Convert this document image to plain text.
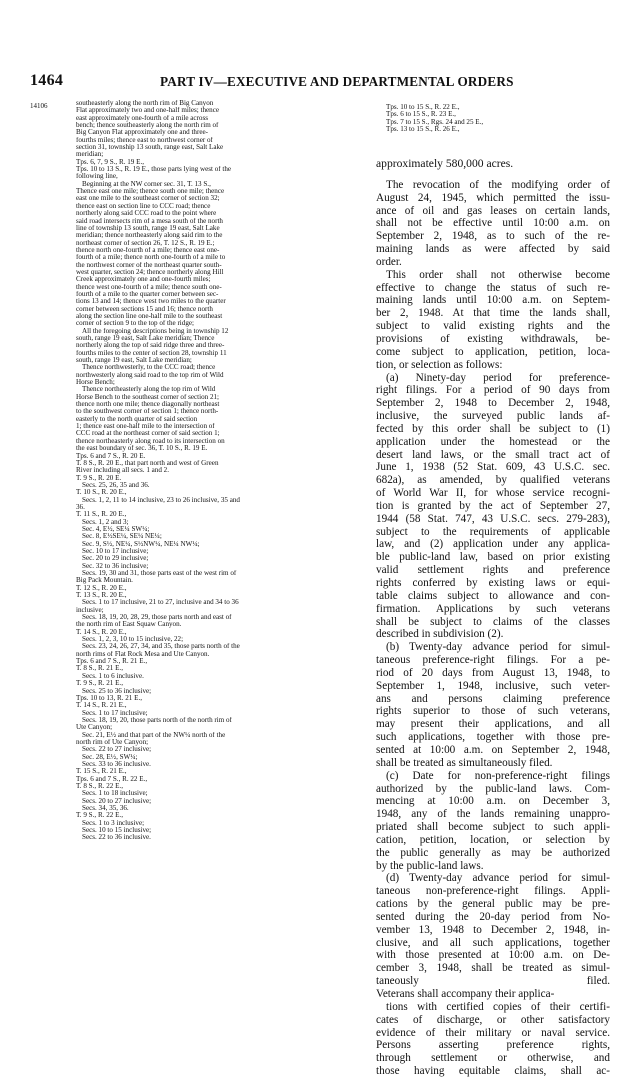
1464	PART IV—EXECUTIVE AND DEPARTMENTAL ORDERS
14106	southeasterly along the north rim of Big Canyon
Flat approximately two and one-half miles; thence
east approximately one-fourth of a mile across
bench; thence southeasterly along the north rim of
Big Canyon Flat approximately one and three-
fourths miles; thence east to northwest corner of
section 31, township 13 south, range east, Salt Lake
meridian;
Tps. 6, 7, 9 S., R. 19 E.,
Tps. 10 to 13 S., R. 19 E., those parts lying west of the
following line,
Beginning at the NW corner sec. 31, T. 13 S.,
Thence east one mile; thence south one mile; thence
east one mile to the southeast corner of section 32;
thence east on section line to CCC road; thence
northerly along said CCC road to the point where
said road intersects rim of a mesa south of the north
line of township 13 south, range 19 east, Salt Lake
meridian; thence northeasterly along said rim to the
northeast corner of section 26, T. 12 S., R. 19 E.;
thence north one-fourth of a mile; thence east one-
fourth of a mile; thence north one-fourth of a mile to
the northwest corner of the northeast quarter south-
west quarter, section 24; thence northerly along Hill
Creek approximately one and one-fourth miles;
thence west one-fourth of a mile; thence south one-
fourth of a mile to the quarter corner between sec-
tions 13 and 14; thence west two miles to the quarter
corner between sections 15 and 16; thence north
along the section line one-half mile to the southeast
corner of section 9 to the top of the ridge;
All the foregoing descriptions being in township 12
south, range 19 east, Salt Lake meridian; Thence
northerly along the top of said ridge three and three-
fourths miles to the center of section 28, township 11
south, range 19 east, Salt Lake meridian;
Thence northwesterly, to the CCC road; thence
northwesterly along said road to the top rim of Wild
Horse Bench;
Thence northeasterly along the top rim of Wild
Horse Bench to the southeast corner of section 21;
thence north one mile; thence diagonally northeast
to the southwest corner of section 1; thence north-
easterly to the north quarter of said section
1; thence east one-half mile to the intersection of
CCC road at the northeast corner of said section 1;
thence northeasterly along road to its intersection on
the east boundary of sec. 36, T. 10 S., R. 19 E.
Tps. 6 and 7 S., R. 20 E.
T. 8 S., R. 20 E., that part north and west of Green
River including all secs. 1 and 2.
T. 9 S., R. 20 E.
Secs. 25, 26, 35 and 36.
T. 10 S., R. 20 E.,
Secs. 1, 2, 11 to 14 inclusive, 23 to 26 inclusive, 35 and
36.
T. 11 S., R. 20 E.,
Secs. 1, 2 and 3;
Sec. 4, E½, SE¼ SW¼;
Sec. 8, E½SE¼, SE¼ NE¼;
Sec. 9, S½, NE¼, S½NW¼, NE¼ NW¼;
Sec. 10 to 17 inclusive;
Sec. 20 to 29 inclusive;
Sec. 32 to 36 inclusive;
Secs. 19, 30 and 31, those parts east of the west rim of
Big Pack Mountain.
T. 12 S., R. 20 E.,
T. 13 S., R. 20 E.,
Secs. 1 to 17 inclusive, 21 to 27, inclusive and 34 to 36
inclusive;
Secs. 18, 19, 20, 28, 29, those parts north and east of
the north rim of East Squaw Canyon.
T. 14 S., R. 20 E.,
Secs. 1, 2, 3, 10 to 15 inclusive, 22;
Secs. 23, 24, 26, 27, 34, and 35, those parts north of the
north rims of Flat Rock Mesa and Ute Canyon.
Tps. 6 and 7 S., R. 21 E.,
T. 8 S., R. 21 E.,
Secs. 1 to 6 inclusive.
T. 9 S., R. 21 E.,
Secs. 25 to 36 inclusive;
Tps. 10 to 13, R. 21 E.,
T. 14 S., R. 21 E.,
Secs. 1 to 17 inclusive;
Secs. 18, 19, 20, those parts north of the north rim of
Ute Canyon;
Sec. 21, E½ and that part of the NW¼ north of the
north rim of Ute Canyon;
Secs. 22 to 27 inclusive;
Sec. 28, E½, SW¼;
Secs. 33 to 36 inclusive.
T. 15 S., R. 21 E.,
Tps. 6 and 7 S., R. 22 E.,
T. 8 S., R. 22 E.,
Secs. 1 to 18 inclusive;
Secs. 20 to 27 inclusive;
Secs. 34, 35, 36.
T. 9 S., R. 22 E.,
Secs. 1 to 3 inclusive;
Secs. 10 to 15 inclusive;
Secs. 22 to 36 inclusive.
Tps. 10 to 15 S., R. 22 E.,
Tps. 6 to 15 S., R. 23 E.,
Tps. 7 to 15 S., Rgs. 24 and 25 E.,
Tps. 13 to 15 S., R. 26 E.,
approximately 580,000 acres.
The revocation of the modifying order of
August 24, 1945, which permitted the issu-
ance of oil and gas leases on certain lands,
shall not be effective until 10:00 a.m. on
September 2, 1948, as to such of the re-
maining lands as were affected by said
order.
This order shall not otherwise become
effective to change the status of such re-
maining lands until 10:00 a.m. on Septem-
ber 2, 1948. At that time the lands shall,
subject to valid existing rights and the
provisions of existing withdrawals, be-
come subject to application, petition, loca-
tion, or selection as follows:
(a) Ninety-day period for preference-
right filings. For a period of 90 days from
September 2, 1948 to December 2, 1948,
inclusive, the surveyed public lands af-
fected by this order shall be subject to (1)
application under the homestead or the
desert land laws, or the small tract act of
June 1, 1938 (52 Stat. 609, 43 U.S.C. sec.
682a), as amended, by qualified veterans
of World War II, for whose service recogni-
tion is granted by the act of September 27,
1944 (58 Stat. 747, 43 U.S.C. secs. 279-283),
subject to the requirements of applicable
law, and (2) application under any applica-
ble public-land law, based on prior existing
valid settlement rights and preference
rights conferred by existing laws or equi-
table claims subject to allowance and con-
firmation. Applications by such veterans
shall be subject to claims of the classes
described in subdivision (2).
(b) Twenty-day advance period for simul-
taneous preference-right filings. For a pe-
riod of 20 days from August 13, 1948, to
September 1, 1948, inclusive, such veter-
ans and persons claiming preference
rights superior to those of such veterans,
may present their applications, and all
such applications, together with those pre-
sented at 10:00 a.m. on September 2, 1948,
shall be treated as simultaneously filed.
(c) Date for non-preference-right filings
authorized by the public-land laws. Com-
mencing at 10:00 a.m. on December 3,
1948, any of the lands remaining unappro-
priated shall become subject to such appli-
cation, petition, location, or selection by
the public generally as may be authorized
by the public-land laws.
(d) Twenty-day advance period for simul-
taneous non-preference-right filings. Appli-
cations by the general public may be pre-
sented during the 20-day period from No-
vember 13, 1948 to December 2, 1948, in-
clusive, and all such applications, together
with those presented at 10:00 a.m. on De-
cember 3, 1948, shall be treated as simul-
taneously filed.
Veterans shall accompany their applica-
tions with certified copies of their certifi-
cates of discharge, or other satisfactory
evidence of their military or naval service.
Persons asserting preference rights,
through settlement or otherwise, and
those having equitable claims, shall ac-
